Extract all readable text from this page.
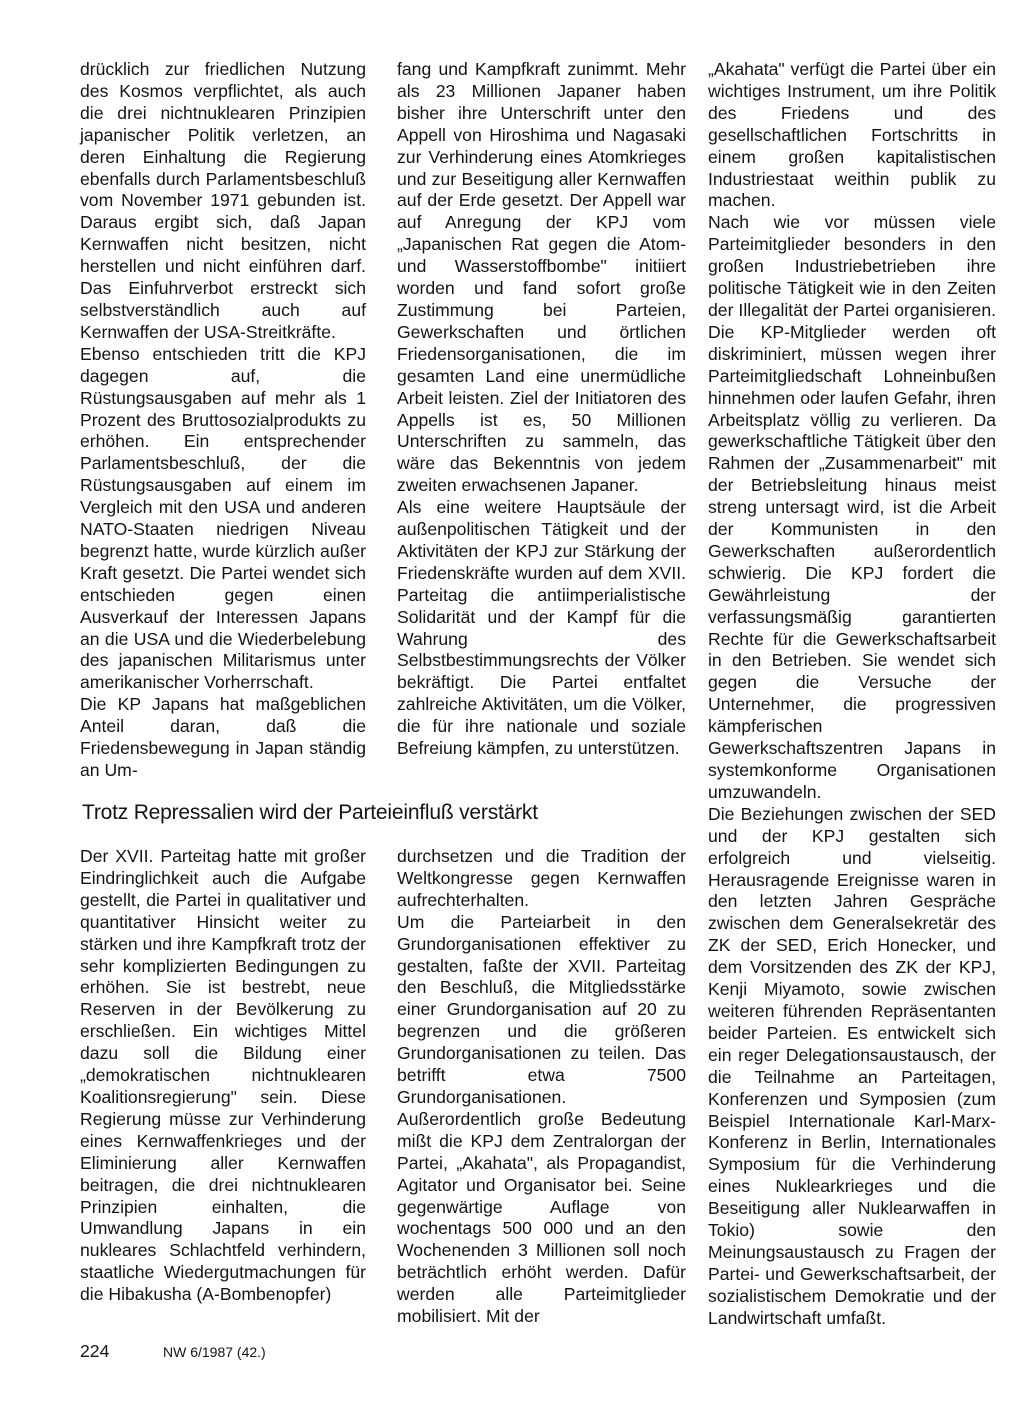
drücklich zur friedlichen Nutzung des Kosmos verpflichtet, als auch die drei nichtnuklearen Prinzipien japanischer Politik verletzen, an deren Einhaltung die Regierung ebenfalls durch Parlamentsbeschluß vom November 1971 gebunden ist. Daraus ergibt sich, daß Japan Kernwaffen nicht besitzen, nicht herstellen und nicht einführen darf. Das Einfuhrverbot erstreckt sich selbstverständlich auch auf Kernwaffen der USA-Streitkräfte.

Ebenso entschieden tritt die KPJ dagegen auf, die Rüstungsausgaben auf mehr als 1 Prozent des Bruttosozialprodukts zu erhöhen. Ein entsprechender Parlamentsbeschluß, der die Rüstungsausgaben auf einem im Vergleich mit den USA und anderen NATO-Staaten niedrigen Niveau begrenzt hatte, wurde kürzlich außer Kraft gesetzt. Die Partei wendet sich entschieden gegen einen Ausverkauf der Interessen Japans an die USA und die Wiederbelebung des japanischen Militarismus unter amerikanischer Vorherrschaft.

Die KP Japans hat maßgeblichen Anteil daran, daß die Friedensbewegung in Japan ständig an Um-

fang und Kampfkraft zunimmt. Mehr als 23 Millionen Japaner haben bisher ihre Unterschrift unter den Appell von Hiroshima und Nagasaki zur Verhinderung eines Atomkrieges und zur Beseitigung aller Kernwaffen auf der Erde gesetzt. Der Appell war auf Anregung der KPJ vom „Japanischen Rat gegen die Atom- und Wasserstoffbombe" initiiert worden und fand sofort große Zustimmung bei Parteien, Gewerkschaften und örtlichen Friedensorganisationen, die im gesamten Land eine unermüdliche Arbeit leisten. Ziel der Initiatoren des Appells ist es, 50 Millionen Unterschriften zu sammeln, das wäre das Bekenntnis von jedem zweiten erwachsenen Japaner.

Als eine weitere Hauptsäule der außenpolitischen Tätigkeit und der Aktivitäten der KPJ zur Stärkung der Friedenskräfte wurden auf dem XVII. Parteitag die antiimperialistische Solidarität und der Kampf für die Wahrung des Selbstbestimmungsrechts der Völker bekräftigt. Die Partei entfaltet zahlreiche Aktivitäten, um die Völker, die für ihre nationale und soziale Befreiung kämpfen, zu unterstützen.

Trotz Repressalien wird der Parteieinfluß verstärkt

Der XVII. Parteitag hatte mit großer Eindringlichkeit auch die Aufgabe gestellt, die Partei in qualitativer und quantitativer Hinsicht weiter zu stärken und ihre Kampfkraft trotz der sehr komplizierten Bedingungen zu erhöhen. Sie ist bestrebt, neue Reserven in der Bevölkerung zu erschließen. Ein wichtiges Mittel dazu soll die Bildung einer „demokratischen nichtnuklearen Koalitionsregierung" sein. Diese Regierung müsse zur Verhinderung eines Kernwaffenkrieges und der Eliminierung aller Kernwaffen beitragen, die drei nichtnuklearen Prinzipien einhalten, die Umwandlung Japans in ein nukleares Schlachtfeld verhindern, staatliche Wiedergutmachungen für die Hibakusha (A-Bombenopfer)

durchsetzen und die Tradition der Weltkongresse gegen Kernwaffen aufrechterhalten.

Um die Parteiarbeit in den Grundorganisationen effektiver zu gestalten, faßte der XVII. Parteitag den Beschluß, die Mitgliedsstärke einer Grundorganisation auf 20 zu begrenzen und die größeren Grundorganisationen zu teilen. Das betrifft etwa 7500 Grundorganisationen. Außerordentlich große Bedeutung mißt die KPJ dem Zentralorgan der Partei, „Akahata", als Propagandist, Agitator und Organisator bei. Seine gegenwärtige Auflage von wochentags 500 000 und an den Wochenenden 3 Millionen soll noch beträchtlich erhöht werden. Dafür werden alle Parteimitglieder mobilisiert. Mit der

„Akahata" verfügt die Partei über ein wichtiges Instrument, um ihre Politik des Friedens und des gesellschaftlichen Fortschritts in einem großen kapitalistischen Industriestaat weithin publik zu machen.

Nach wie vor müssen viele Parteimitglieder besonders in den großen Industriebetrieben ihre politische Tätigkeit wie in den Zeiten der Illegalität der Partei organisieren. Die KP-Mitglieder werden oft diskriminiert, müssen wegen ihrer Parteimitgliedschaft Lohneinbußen hinnehmen oder laufen Gefahr, ihren Arbeitsplatz völlig zu verlieren. Da gewerkschaftliche Tätigkeit über den Rahmen der „Zusammenarbeit" mit der Betriebsleitung hinaus meist streng untersagt wird, ist die Arbeit der Kommunisten in den Gewerkschaften außerordentlich schwierig. Die KPJ fordert die Gewährleistung der verfassungsmäßig garantierten Rechte für die Gewerkschaftsarbeit in den Betrieben. Sie wendet sich gegen die Versuche der Unternehmer, die progressiven kämpferischen Gewerkschaftszentren Japans in systemkonforme Organisationen umzuwandeln.

Die Beziehungen zwischen der SED und der KPJ gestalten sich erfolgreich und vielseitig. Herausragende Ereignisse waren in den letzten Jahren Gespräche zwischen dem Generalsekretär des ZK der SED, Erich Honecker, und dem Vorsitzenden des ZK der KPJ, Kenji Miyamoto, sowie zwischen weiteren führenden Repräsentanten beider Parteien. Es entwickelt sich ein reger Delegationsaustausch, der die Teilnahme an Parteitagen, Konferenzen und Symposien (zum Beispiel Internationale Karl-Marx-Konferenz in Berlin, Internationales Symposium für die Verhinderung eines Nuklearkrieges und die Beseitigung aller Nuklearwaffen in Tokio) sowie den Meinungsaustausch zu Fragen der Partei- und Gewerkschaftsarbeit, der sozialistischem Demokratie und der Landwirtschaft umfaßt.

224	NW 6/1987 (42.)
